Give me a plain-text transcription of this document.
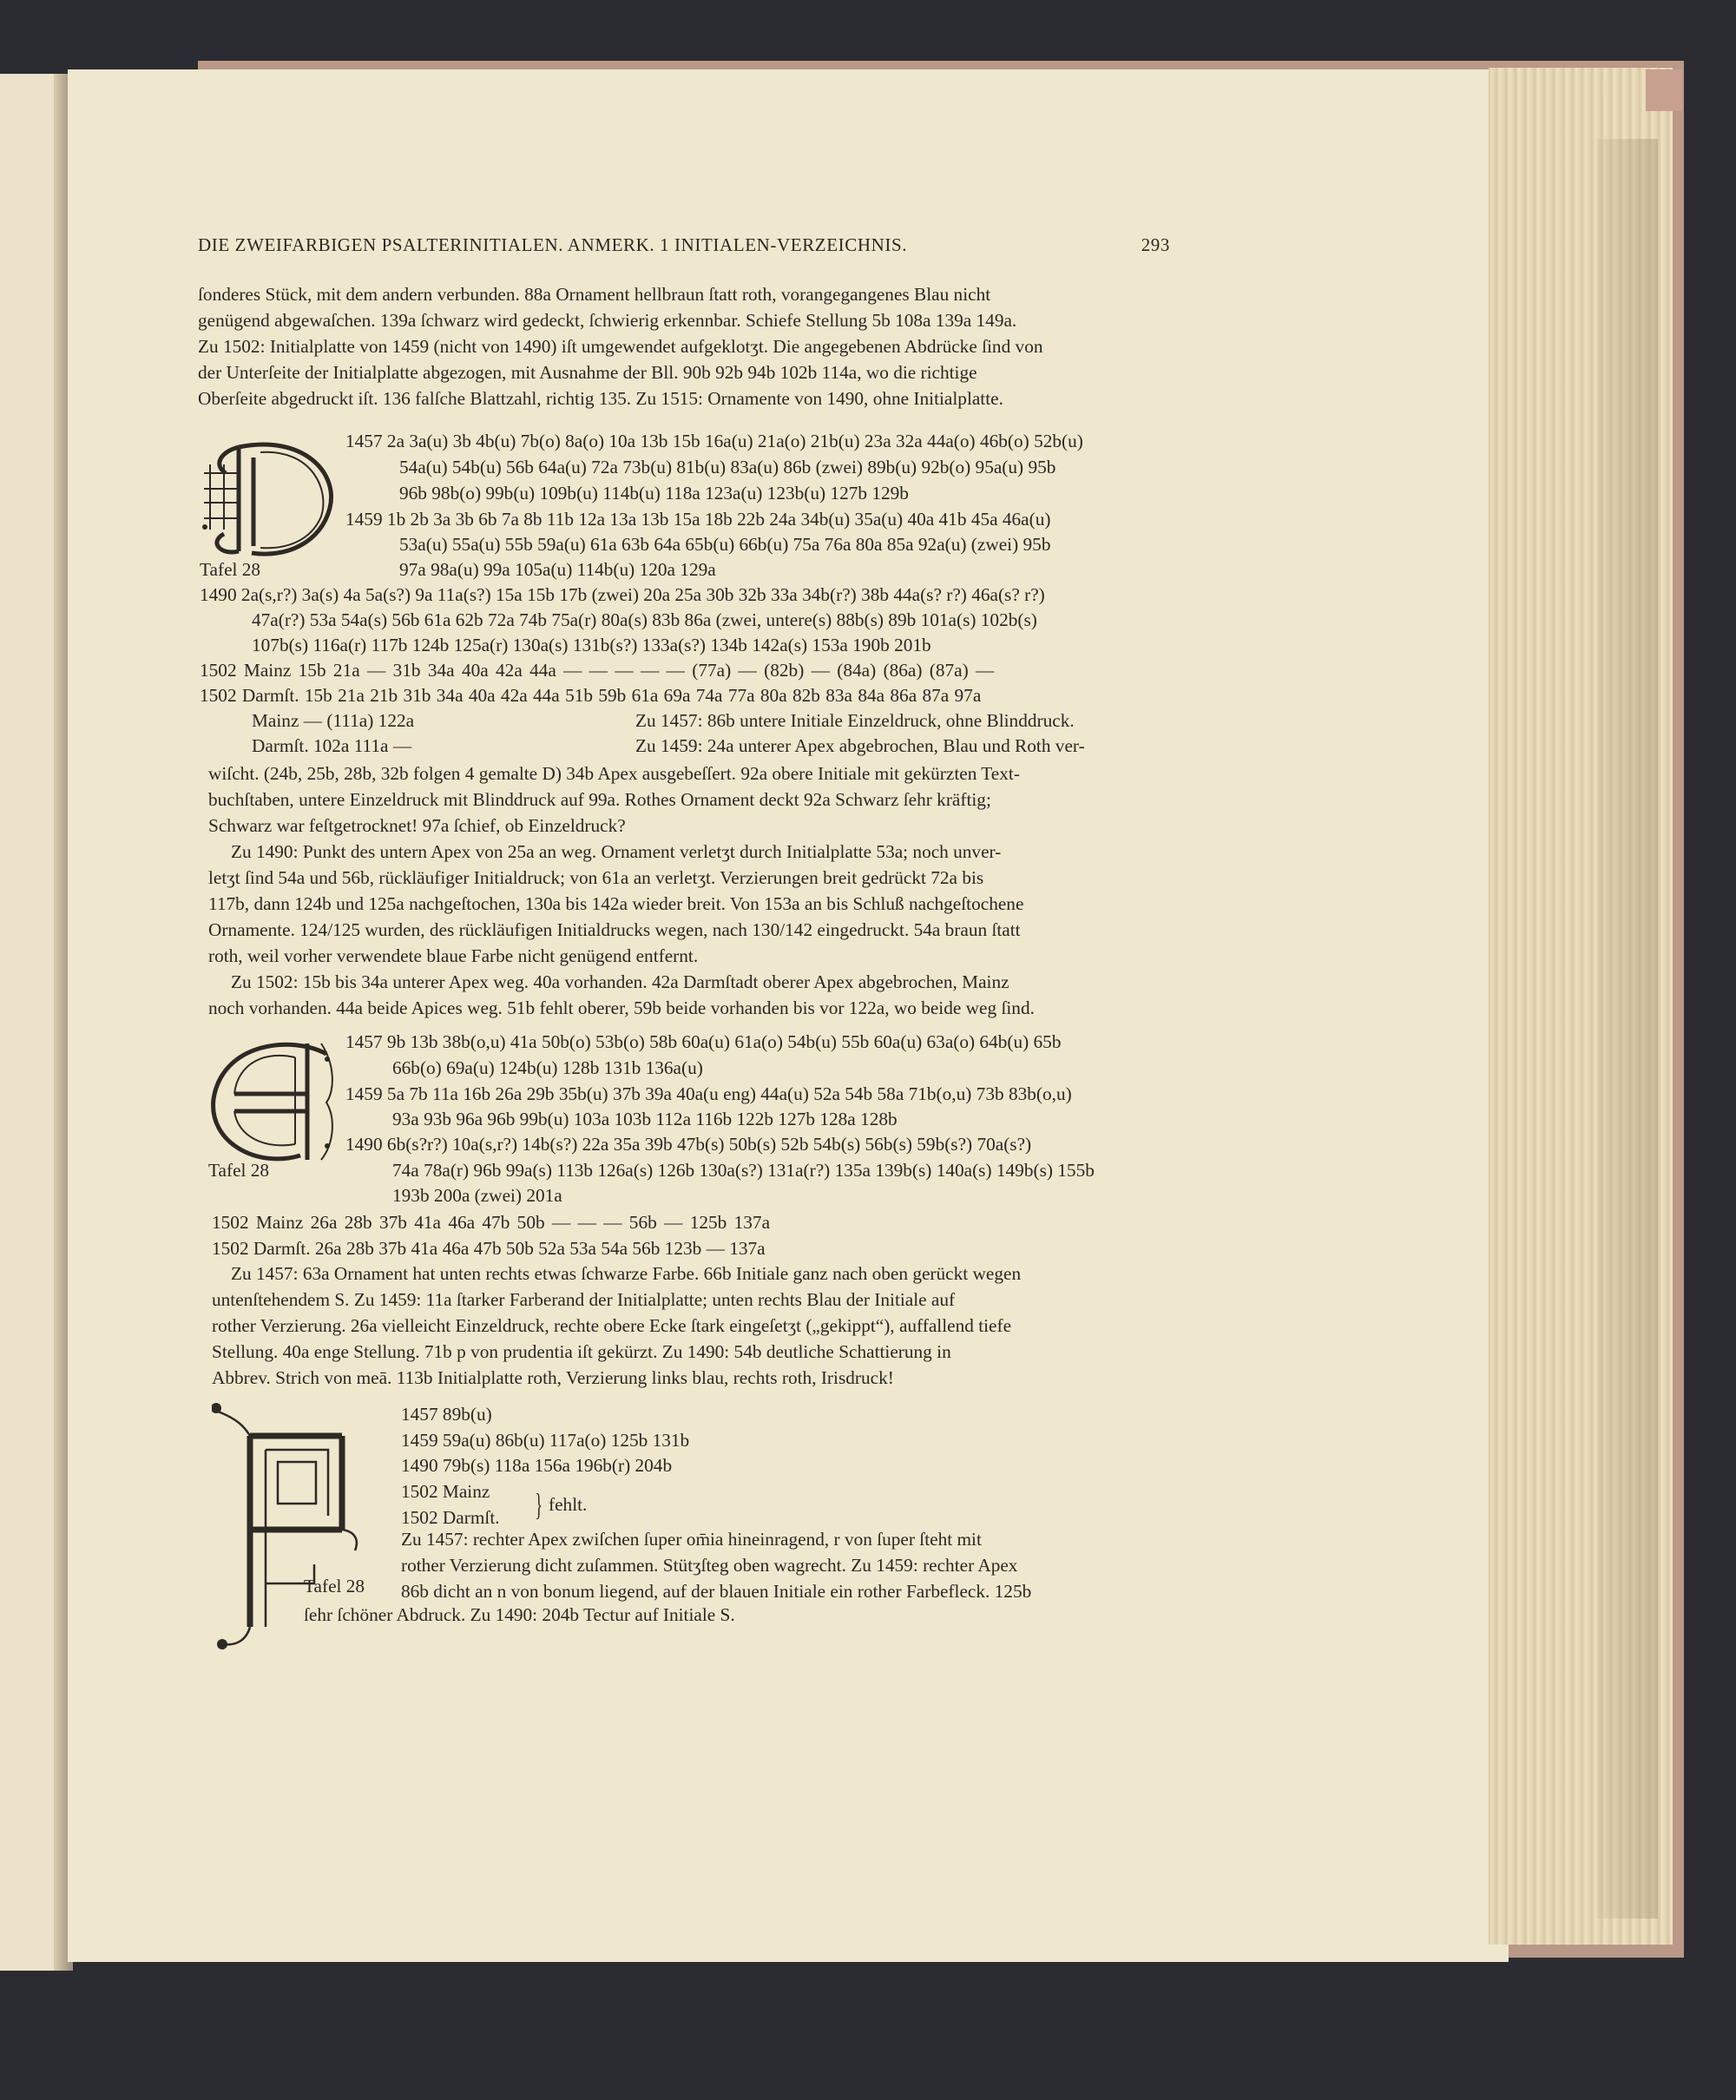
DIE ZWEIFARBIGEN PSALTERINITIALEN. ANMERK. 1 INITIALEN-VERZEICHNIS.	293

ſonderes Stück, mit dem andern verbunden. 88a Ornament hellbraun ſtatt roth, vorangegangenes Blau nicht

genügend abgewaſchen. 139a ſchwarz wird gedeckt, ſchwierig erkennbar. Schiefe Stellung 5b 108a 139a 149a.

Zu 1502: Initialplatte von 1459 (nicht von 1490) iſt umgewendet aufgeklotʒt. Die angegebenen Abdrücke ſind von

der Unterſeite der Initialplatte abgezogen, mit Ausnahme der Bll. 90b 92b 94b 102b 114a, wo die richtige

Oberſeite abgedruckt iſt. 136 falſche Blattzahl, richtig 135. Zu 1515: Ornamente von 1490, ohne Initialplatte.

1457 2a 3a(u) 3b 4b(u) 7b(o) 8a(o) 10a 13b 15b 16a(u) 21a(o) 21b(u) 23a 32a 44a(o) 46b(o) 52b(u)
54a(u) 54b(u) 56b 64a(u) 72a 73b(u) 81b(u) 83a(u) 86b (zwei) 89b(u) 92b(o) 95a(u) 95b
96b 98b(o) 99b(u) 109b(u) 114b(u) 118a 123a(u) 123b(u) 127b 129b
1459 1b 2b 3a 3b 6b 7a 8b 11b 12a 13a 13b 15a 18b 22b 24a 34b(u) 35a(u) 40a 41b 45a 46a(u)
53a(u) 55a(u) 55b 59a(u) 61a 63b 64a 65b(u) 66b(u) 75a 76a 80a 85a 92a(u) (zwei) 95b
Tafel 28	97a 98a(u) 99a 105a(u) 114b(u) 120a 129a
1490 2a(s,r?) 3a(s) 4a 5a(s?) 9a 11a(s?) 15a 15b 17b (zwei) 20a 25a 30b 32b 33a 34b(r?) 38b 44a(s? r?) 46a(s? r?)
47a(r?) 53a 54a(s) 56b 61a 62b 72a 74b 75a(r) 80a(s) 83b 86a (zwei, untere(s) 88b(s) 89b 101a(s) 102b(s)
107b(s) 116a(r) 117b 124b 125a(r) 130a(s) 131b(s?) 133a(s?) 134b 142a(s) 153a 190b 201b
1502 Mainz 15b 21a — 31b 34a 40a 42a 44a — — — — — (77a) — (82b) — (84a) (86a) (87a) —
1502 Darmſt. 15b 21a 21b 31b 34a 40a 42a 44a 51b 59b 61a 69a 74a 77a 80a 82b 83a 84a 86a 87a 97a
Mainz — (111a) 122a	Zu 1457: 86b untere Initiale Einzeldruck, ohne Blinddruck.
Darmſt. 102a 111a —	Zu 1459: 24a unterer Apex abgebrochen, Blau und Roth ver-

wiſcht. (24b, 25b, 28b, 32b folgen 4 gemalte D) 34b Apex ausgebeſſert. 92a obere Initiale mit gekürzten Text-

buchſtaben, untere Einzeldruck mit Blinddruck auf 99a. Rothes Ornament deckt 92a Schwarz ſehr kräftig;

Schwarz war feſtgetrocknet! 97a ſchief, ob Einzeldruck?

Zu 1490: Punkt des untern Apex von 25a an weg. Ornament verletʒt durch Initialplatte 53a; noch unver-

letʒt ſind 54a und 56b, rückläufiger Initialdruck; von 61a an verletʒt. Verzierungen breit gedrückt 72a bis

117b, dann 124b und 125a nachgeſtochen, 130a bis 142a wieder breit. Von 153a an bis Schluß nachgeſtochene

Ornamente. 124/125 wurden, des rückläufigen Initialdrucks wegen, nach 130/142 eingedruckt. 54a braun ſtatt

roth, weil vorher verwendete blaue Farbe nicht genügend entfernt.

Zu 1502: 15b bis 34a unterer Apex weg. 40a vorhanden. 42a Darmſtadt oberer Apex abgebrochen, Mainz

noch vorhanden. 44a beide Apices weg. 51b fehlt oberer, 59b beide vorhanden bis vor 122a, wo beide weg ſind.

1457 9b 13b 38b(o,u) 41a 50b(o) 53b(o) 58b 60a(u) 61a(o) 54b(u) 55b 60a(u) 63a(o) 64b(u) 65b
66b(o) 69a(u) 124b(u) 128b 131b 136a(u)
1459 5a 7b 11a 16b 26a 29b 35b(u) 37b 39a 40a(u eng) 44a(u) 52a 54b 58a 71b(o,u) 73b 83b(o,u)
93a 93b 96a 96b 99b(u) 103a 103b 112a 116b 122b 127b 128a 128b
1490 6b(s?r?) 10a(s,r?) 14b(s?) 22a 35a 39b 47b(s) 50b(s) 52b 54b(s) 56b(s) 59b(s?) 70a(s?)
Tafel 28	74a 78a(r) 96b 99a(s) 113b 126a(s) 126b 130a(s?) 131a(r?) 135a 139b(s) 140a(s) 149b(s) 155b
193b 200a (zwei) 201a
1502 Mainz 26a 28b 37b 41a 46a 47b 50b — — — 56b — 125b 137a
1502 Darmſt. 26a 28b 37b 41a 46a 47b 50b 52a 53a 54a 56b 123b — 137a

Zu 1457: 63a Ornament hat unten rechts etwas ſchwarze Farbe. 66b Initiale ganz nach oben gerückt wegen

untenſtehendem S. Zu 1459: 11a ſtarker Farberand der Initialplatte; unten rechts Blau der Initiale auf

rother Verzierung. 26a vielleicht Einzeldruck, rechte obere Ecke ſtark eingeſetʒt („gekippt“), auffallend tiefe

Stellung. 40a enge Stellung. 71b p von prudentia iſt gekürzt. Zu 1490: 54b deutliche Schattierung in

Abbrev. Strich von meā. 113b Initialplatte roth, Verzierung links blau, rechts roth, Irisdruck!

1457 89b(u)
1459 59a(u) 86b(u) 117a(o) 125b 131b
1490 79b(s) 118a 156a 196b(r) 204b
1502 Mainz
1502 Darmſt. } fehlt.

Zu 1457: rechter Apex zwiſchen ſuper om̄ia hineinragend, r von ſuper ſteht mit

rother Verzierung dicht zuſammen. Stütʒſteg oben wagrecht. Zu 1459: rechter Apex

86b dicht an n von bonum liegend, auf der blauen Initiale ein rother Farbefleck. 125b

Tafel 28
ſehr ſchöner Abdruck. Zu 1490: 204b Tectur auf Initiale S.
